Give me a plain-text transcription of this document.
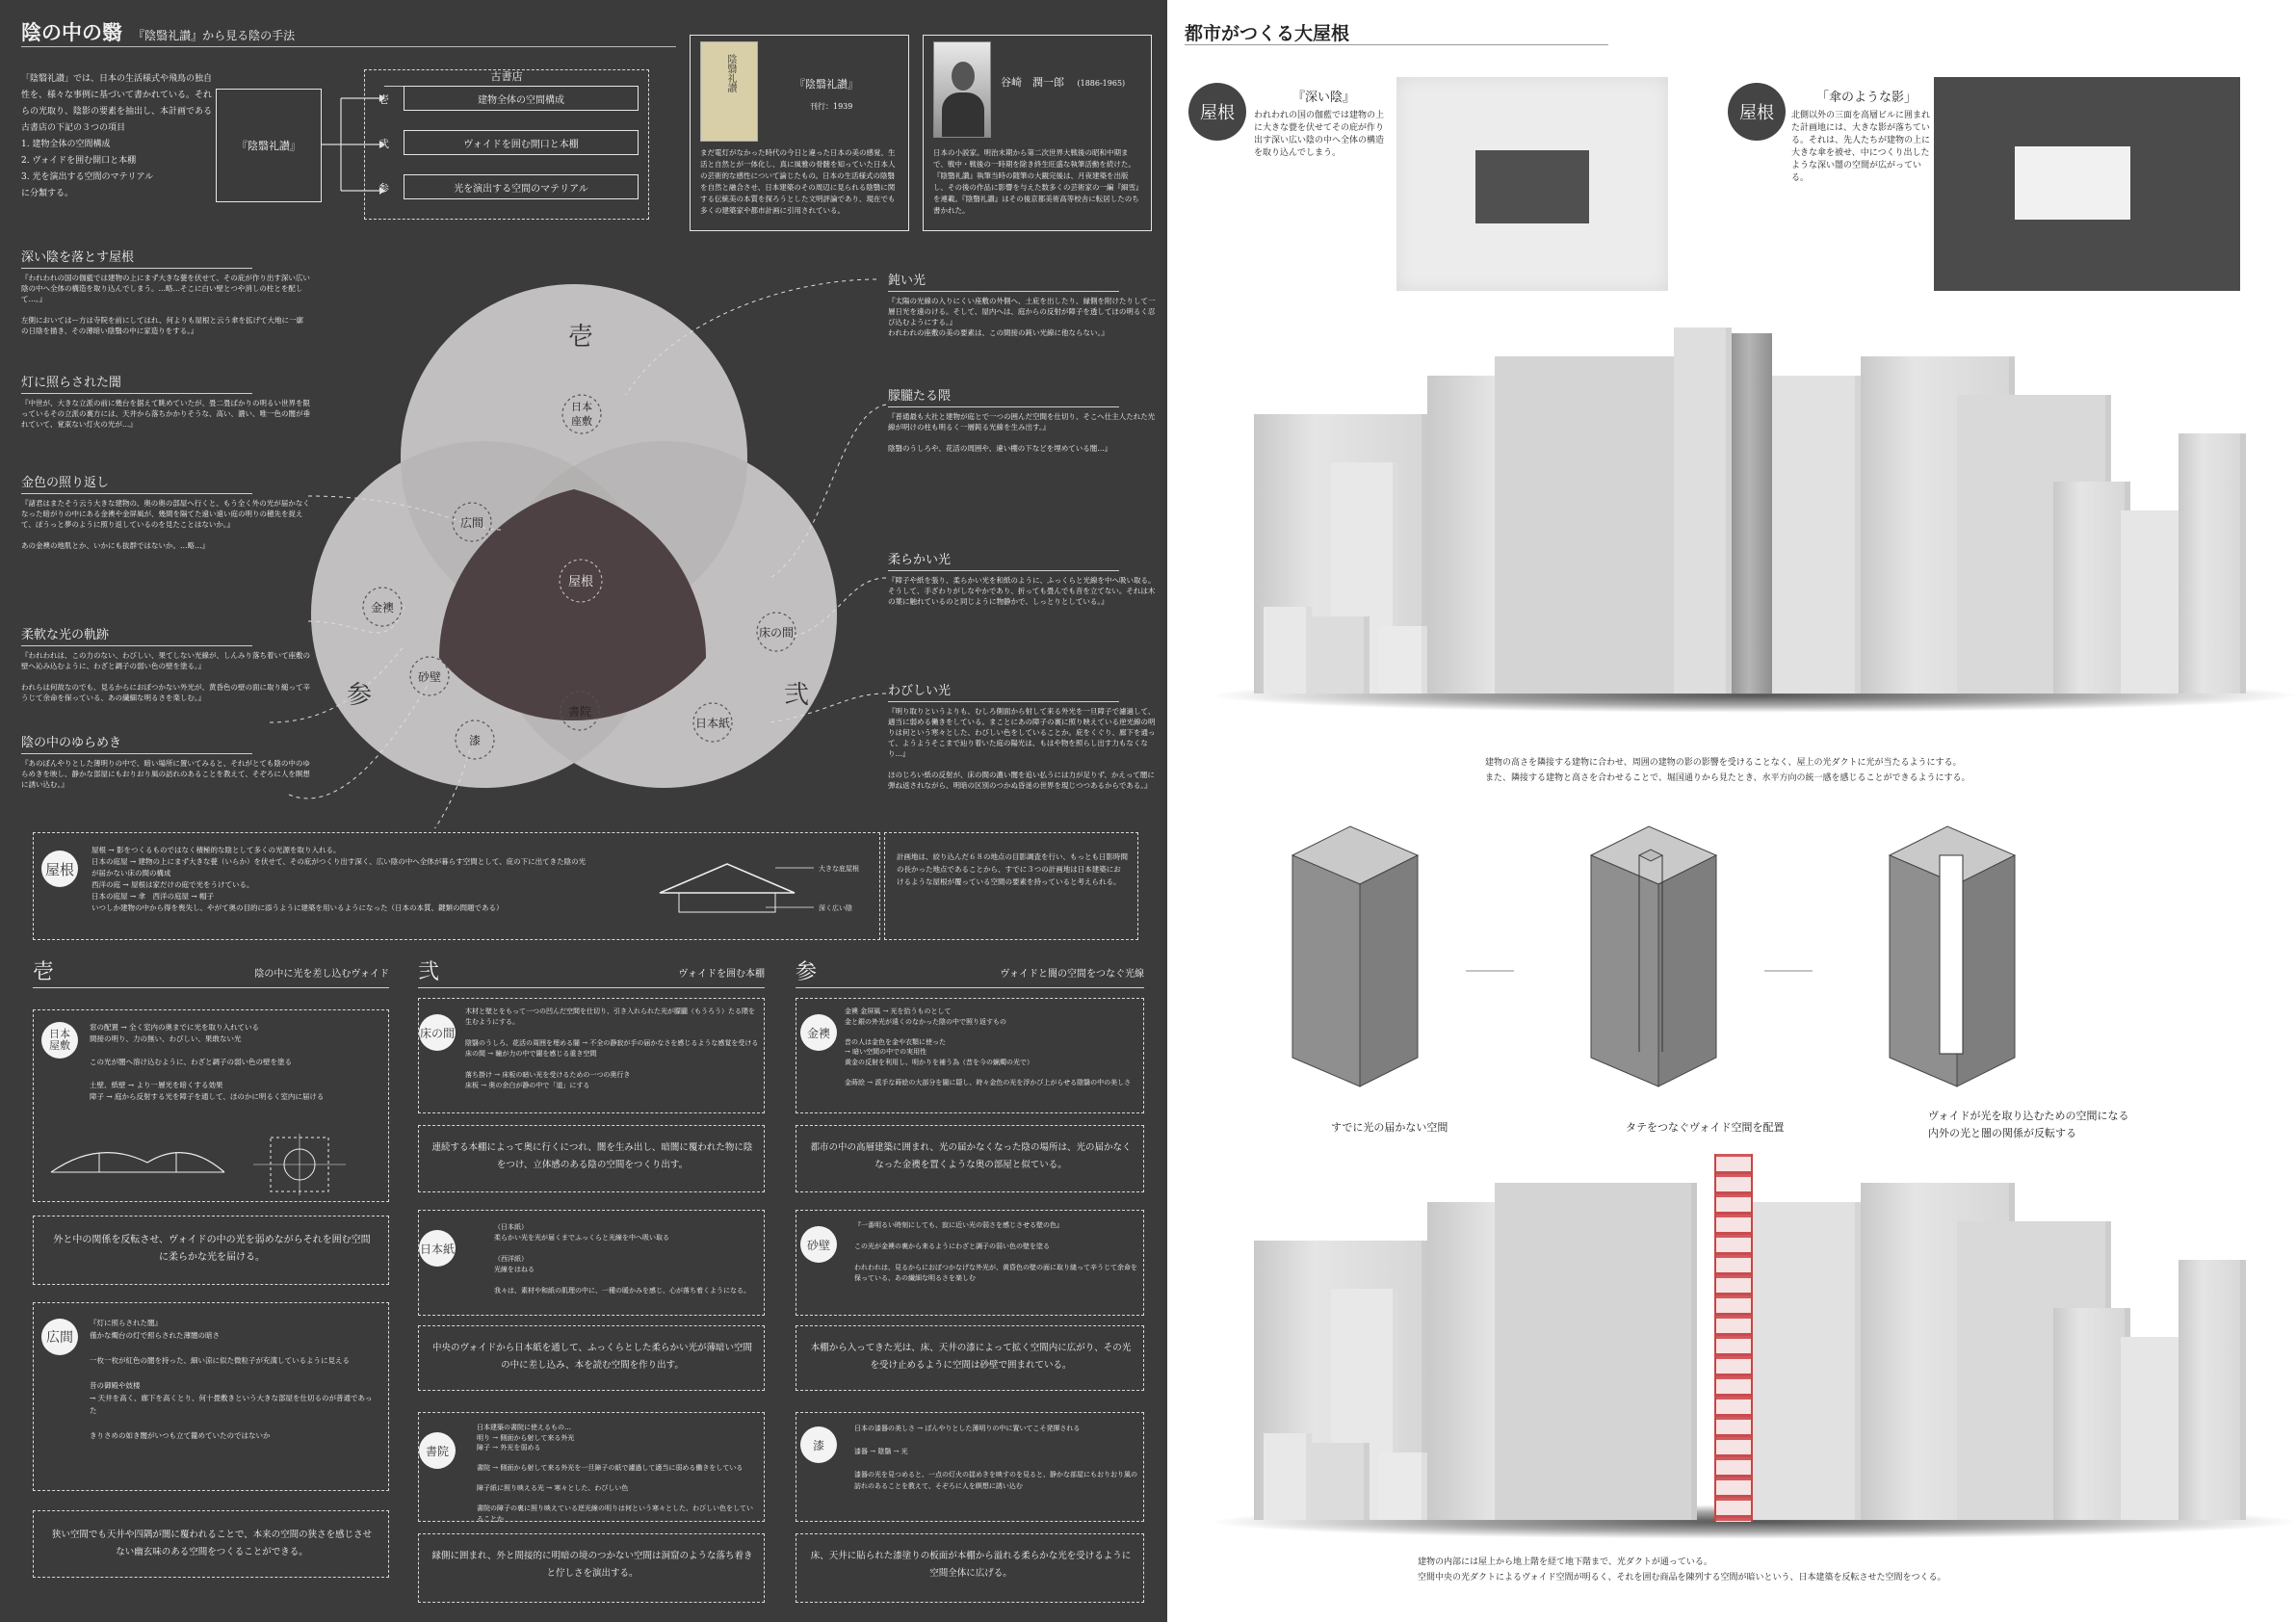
陰の中の翳 『陰翳礼讃』から見る陰の手法
「陰翳礼讃」では、日本の生活様式や飛鳥の独自性を、様々な事例に基づいて書かれている。それらの光取り、陰影の要素を抽出し、本計画である古書店の下記の３つの項目
1. 建物全体の空間構成
2. ヴォイドを囲む開口と本棚
3. 光を演出する空間のマテリアル
に分類する。
『陰翳礼讃』
古書店
壱	建物全体の空間構成
弐	ヴォイドを囲む開口と本棚
参	光を演出する空間のマテリアル
陰翳礼讃	『陰翳礼讃』
刊行：1939
まだ電灯がなかった時代の今日と違った日本の美の感覚、生活と自然とが一体化し、真に風雅の骨髄を知っていた日本人の芸術的な感性について論じたもの。日本の生活様式の陰翳を自然と融合させ、日本建築のその周辺に見られる陰翳に関する伝統美の本質を探ろうとした文明評論であり、現在でも多くの建築家や都市計画に引用されている。
谷崎　潤一郎 (1886-1965)
日本の小説家。明治末期から第二次世界大戦後の昭和中期まで、戦中・戦後の一時期を除き終生旺盛な執筆活動を続けた。『陰翳礼讃』執筆当時の随筆の大観完後は、月夜建築を出版し、その後の作品に影響を与えた数多くの芸術家の一編『細雪』を連載。『陰翳礼讃』はその後京都美術高等校舎に転居したのち書かれた。
壱
参	弐
屋根
日本
座敷
広間
床の間
金襖
砂壁
漆
書院
日本紙
深い陰を落とす屋根
『われわれの国の伽藍では建物の上にまず大きな甍を伏せて、その庇が作り出す深い広い陰の中へ全体の構造を取り込んでしまう。…略…そこに白い壁とつや消しの柱とを配して…。』

左側においてはー方は寺院を前にしてはれ、何よりも屋根と云う傘を拡げて大地に一廓の日陰を描き、その薄暗い陰翳の中に家造りをする。』
灯に照らされた闇
『中世が、大きな立派の前に幾台を据えて眺めていたが、畳二畳ばかりの明るい世界を限っているその立派の裏方には、天井から落ちかかりそうな、高い、濃い、唯一色の闇が垂れていて、覚束ない灯火の光が…』
金色の照り返し
『諸君はまたそう云う大きな建物の、奥の奥の部屋へ行くと、もう全く外の光が届かなくなった暗がりの中にある金襖や金屏風が、幾間を隔てた遠い遠い庭の明りの穂先を捉えて、ぽうっと夢のように照り返しているのを見たことはないか。』

あの金襖の地肌とか、いかにも抜群ではないか。…略…』
柔軟な光の軌跡
『われわれは、この力のない、わびしい、果てしない光線が、しんみり落ち着いて座敷の壁へ沁み込むように、わざと調子の弱い色の壁を塗る。』

われらは何故なのでも、見るからにおぼつかない外光が、黄昏色の壁の面に取り縋って辛うじて余命を保っている、あの繊細な明るさを楽しむ。』
陰の中のゆらめき
『あのぼんやりとした薄明りの中で、暗い場所に置いてみると、それがとても陰の中のゆらめきを映し、静かな部屋にもおりおり風の訪れのあることを教えて、そぞろに人を瞑想に誘い込む。』
鈍い光
『太陽の光線の入りにくい座敷の外側へ、土庇を出したり、縁側を附けたりして一層日光を遠のける。そして、屋内へは、庭からの反射が障子を透してほの明るく忍び込むようにする。』
われわれの座敷の美の要素は、この間接の鈍い光線に他ならない。』
朦朧たる隈
『普通最も大社と建物が庭とで一つの囲んだ空間を仕切り、そこへ仕主人たれた光線が明けの柱も明るく一層鈍る光線を生み出す。』

陰翳のうしろや、花活の周囲や、違い棚の下などを埋めている闇…』
柔らかい光
『障子や紙を張り、柔らかい光を和紙のように、ふっくらと光線を中へ吸い取る。そうして、手ざわりがしなやかであり、折っても畳んでも音を立てない。それは木の葉に触れているのと同じように物静かで、しっとりとしている。』
わびしい光
『明り取りというよりも、むしろ側面から射して来る外光を一旦障子で濾過して、適当に弱める働きをしている。まことにあの障子の裏に照り映えている逆光線の明りは何という寒々とした、わびしい色をしていることか。庇をくぐり、廊下を通って、ようようそこまで辿り着いた庭の陽光は、もはや物を照らし出す力もなくなり…』

ほのじろい紙の反射が、床の間の濃い闇を追い払うには力が足りず、かえって闇に弾ね返されながら、明暗の区別のつかぬ昏迷の世界を現じつつあるからである。』
屋根
屋根 → 影をつくるものではなく積極的な陰として多くの光源を取り入れる。
日本の庭屋 → 建物の上にまず大きな甍（いらか）を伏せて、その庇がつくり出す深く、広い陰の中へ全体が暮らす空間として、庇の下に出てきた陰の光が届かない床の間の構成
西洋の庭 → 屋根は家だけの庭で光をうけている。
日本の庭屋 → 傘　西洋の庭屋 → 帽子
いつしか建物の中から得を喪失し、やがて奥の目的に添うように建築を用いるようになった（日本の本質、鍵類の問題である）
大きな庇屋根
深く広い陰
計画地は、絞り込んだ６８の地点の目影調査を行い、もっとも日影時間の長かった地点であることから、すでに３つの計画地は日本建築におけるような屋根が覆っている空間の要素を持っていると考えられる。
壱	陰の中に光を差し込むヴォイド 弐	ヴォイドを囲む本棚 参	ヴォイドと闇の空間をつなぐ光線
日本
屋敷
窓の配置 → 全く室内の奥までに光を取り入れている
間接の明り、力の無い、わびしい、果敢ない光

この光が闇へ溶け込むように、わざと調子の弱い色の壁を塗る

土壁、紙壁 → より一層光を暗くする効果
障子 → 庭から反射する光を障子を通して、ほのかに明るく室内に届ける
外と中の関係を反転させ、ヴォイドの中の光を弱めながらそれを囲む空間に柔らかな光を届ける。
広間
『灯に照らされた闇』
僅かな燭台の灯で照らされた薄闇の暗さ

一枚一枚が紅色の闇を持った、細い涼に似た微粒子が充満しているように見える

昔の御殿や妓楼
→ 天井を高く、廊下を高くとり、何十畳敷きという大きな部屋を仕切るのが普通であった

きりさめの如き闇がいつも立て籠めていたのではないか
狭い空間でも天井や四隅が闇に覆われることで、本来の空間の狭さを感じさせない幽玄味のある空間をつくることができる。
床の間
木材と壁とをもって一つの凹んだ空間を仕切り、引き入れられた光が朦朧（もうろう）たる隈を生むようにする。

陰翳のうしろ、花活の周囲を埋める闇 → 不全の静寂が手の届かなさを感じるような感覚を受ける
床の間 → 瞳が力の中で闇を感じる重き空間

落ち掛け → 床板の暗い光を受けるための一つの奥行き
床板 → 奥の余白が静の中で「道」にする
連続する本棚によって奥に行くにつれ、闇を生み出し、暗闇に覆われた物に陰をつけ、立体感のある陰の空間をつくり出す。
日本紙
（日本紙）
柔らかい光を光が届くまでふっくらと光線を中へ吸い取る

（西洋紙）
光線をはねる

我々は、素材や和紙の肌理の中に、一種の暖かみを感じ、心が落ち着くようになる。
中央のヴォイドから日本紙を通して、ふっくらとした柔らかい光が薄暗い空間の中に差し込み、本を読む空間を作り出す。
書院
日本建築の書院に使えるもの…
明り → 側面から射して来る外光
障子 → 外光を弱める

書院 → 側面から射して来る外光を一旦障子の紙で濾過して適当に弱める働きをしている

障子紙に照り映える光 → 寒々とした、わびしい色

書院の障子の裏に照り映えている逆光線の明りは何という寒々とした、わびしい色をしていることか
縁側に囲まれ、外と間接的に明暗の境のつかない空間は洞窟のような落ち着きと佇しさを演出する。
金襖
金襖 金屏風 → 光を拾うものとして
金と銀の外光が遠くのなかった陰の中で照り返すもの

昔の人は金色を金や衣類に使った
→ 暗い空間の中での実用性
黄金の反射を利用し、明かりを補う為（昔を今の蝋燭の光で）

金蒔絵 → 派手な蒔絵の大部分を闇に隠し、時々金色の光を浮かび上がらせる陰翳の中の美しさ
都市の中の高層建築に囲まれ、光の届かなくなった陰の場所は、光の届かなくなった金襖を置くような奥の部屋と似ている。
砂壁
『一番明るい時刻にしても、寂に近い光の弱さを感じさせる壁の色』

この光が金襖の裏から来るようにわざと調子の弱い色の壁を塗る

われわれは、見るからにおぼつかなげな外光が、黄昏色の壁の面に取り縋って辛うじて余命を保っている、あの繊細な明るさを楽しむ
本棚から入ってきた光は、床、天井の漆によって拡く空間内に広がり、その光を受け止めるように空間は砂壁で囲まれている。
漆
日本の漆器の美しさ → ぼんやりとした薄明りの中に置いてこそ発揮される

漆器 → 陰翳 → 光

漆器の光を見つめると、一点の灯火の揺めきを映すのを見ると、静かな部屋にもおりおり風の訪れのあることを教えて、そぞろに人を瞑想に誘い込む
床、天井に貼られた漆塗りの板面が本棚から溢れる柔らかな光を受けるように空間全体に広げる。
都市がつくる大屋根
屋根
『深い陰』
われわれの国の伽藍では建物の上に大きな甍を伏せてその庇が作り出す深い広い陰の中へ全体の構造を取り込んでしまう。
屋根
「傘のような影」
北側以外の三面を高層ビルに囲まれた計画地には、大きな影が落ちている。それは、先人たちが建物の上に大きな傘を被せ、中につくり出したような深い闇の空間が広がっている。
建物の高さを隣接する建物に合わせ、周囲の建物の影の影響を受けることなく、屋上の光ダクトに光が当たるようにする。
また、隣接する建物と高さを合わせることで、堀国通りから見たとき、水平方向の統一感を感じることができるようにする。
すでに光の届かない空間	タテをつなぐヴォイド空間を配置
ヴォイドが光を取り込むための空間になる
内外の光と闇の関係が反転する
建物の内部には屋上から地上階を経て地下階まで、光ダクトが通っている。
空間中央の光ダクトによるヴォイド空間が明るく、それを囲む商品を陳列する空間が暗いという、日本建築を反転させた空間をつくる。
